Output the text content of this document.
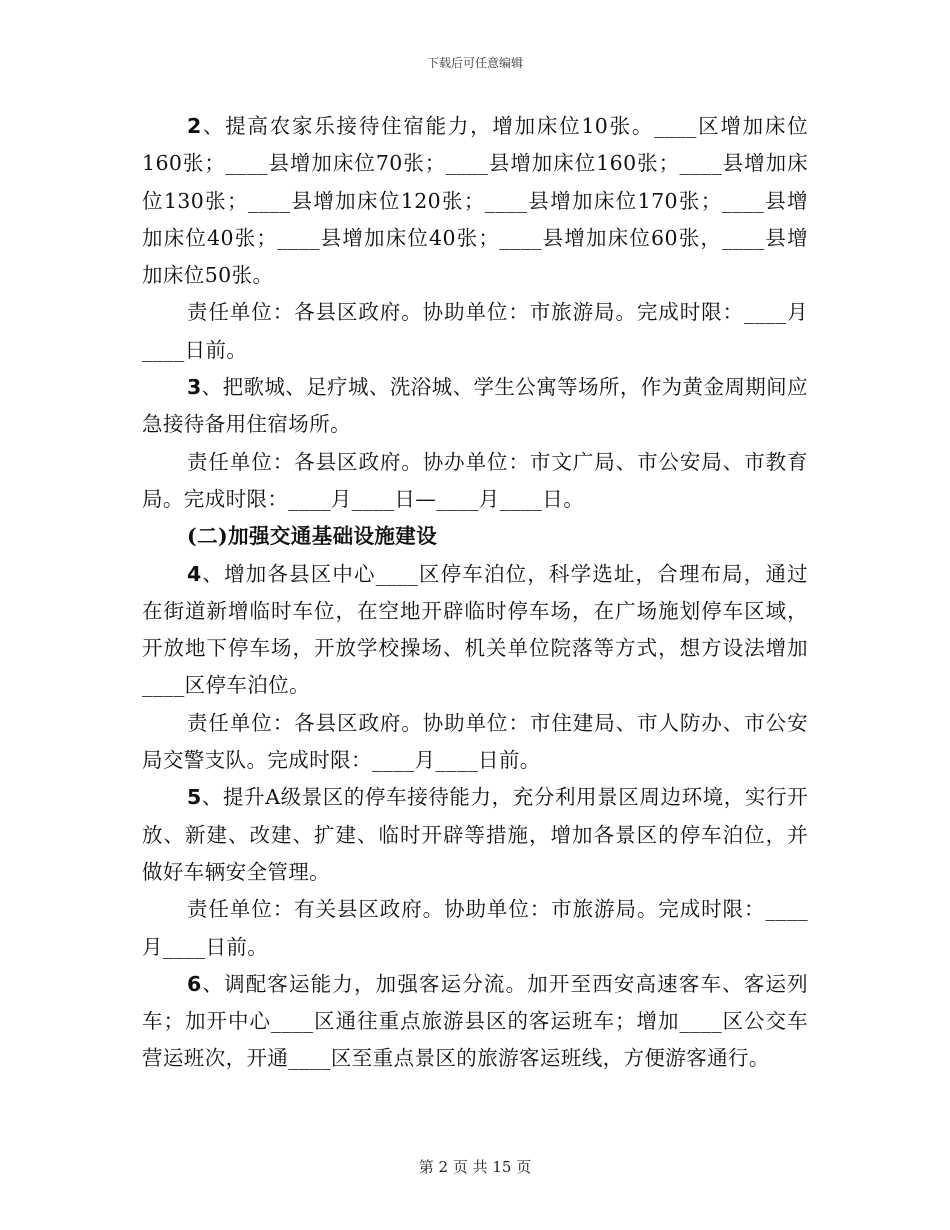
下载后可任意编辑

2、提高农家乐接待住宿能力，增加床位10张。____区增加床位160张；____县增加床位70张；____县增加床位160张；____县增加床位130张；____县增加床位120张；____县增加床位170张；____县增加床位40张；____县增加床位40张；____县增加床位60张，____县增加床位50张。

责任单位：各县区政府。协助单位：市旅游局。完成时限：____月____日前。

3、把歌城、足疗城、洗浴城、学生公寓等场所，作为黄金周期间应急接待备用住宿场所。

责任单位：各县区政府。协办单位：市文广局、市公安局、市教育局。完成时限：____月____日—____月____日。

(二)加强交通基础设施建设

4、增加各县区中心____区停车泊位，科学选址，合理布局，通过在街道新增临时车位，在空地开辟临时停车场，在广场施划停车区域，开放地下停车场，开放学校操场、机关单位院落等方式，想方设法增加____区停车泊位。

责任单位：各县区政府。协助单位：市住建局、市人防办、市公安局交警支队。完成时限：____月____日前。

5、提升A级景区的停车接待能力，充分利用景区周边环境，实行开放、新建、改建、扩建、临时开辟等措施，增加各景区的停车泊位，并做好车辆安全管理。

责任单位：有关县区政府。协助单位：市旅游局。完成时限：____月____日前。

6、调配客运能力，加强客运分流。加开至西安高速客车、客运列车；加开中心____区通往重点旅游县区的客运班车；增加____区公交车营运班次，开通____区至重点景区的旅游客运班线，方便游客通行。

第 2 页 共 15 页
